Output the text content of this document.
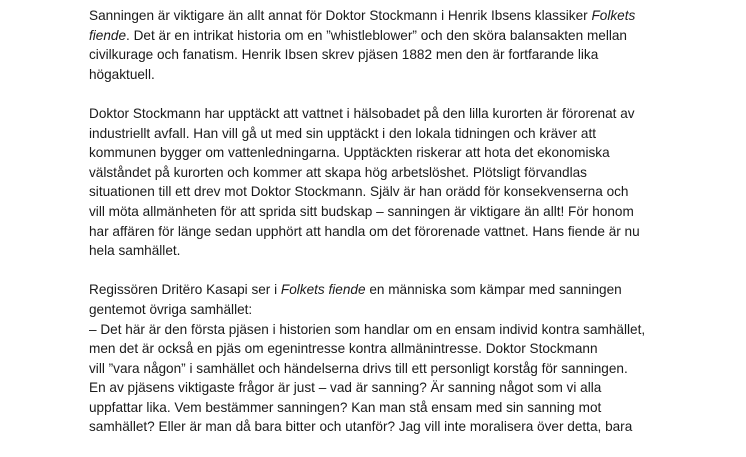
Sanningen är viktigare än allt annat för Doktor Stockmann i Henrik Ibsens klassiker Folkets
fiende. Det är en intrikat historia om en ”whistleblower” och den sköra balansakten mellan
civilkurage och fanatism. Henrik Ibsen skrev pjäsen 1882 men den är fortfarande lika
högaktuell.
Doktor Stockmann har upptäckt att vattnet i hälsobadet på den lilla kurorten är förorenat av
industriellt avfall. Han vill gå ut med sin upptäckt i den lokala tidningen och kräver att
kommunen bygger om vattenledningarna. Upptäckten riskerar att hota det ekonomiska
välståndet på kurorten och kommer att skapa hög arbetslöshet. Plötsligt förvandlas
situationen till ett drev mot Doktor Stockmann. Själv är han orädd för konsekvenserna och
vill möta allmänheten för att sprida sitt budskap – sanningen är viktigare än allt! För honom
har affären för länge sedan upphört att handla om det förorenade vattnet. Hans fiende är nu
hela samhället.
Regissören Dritëro Kasapi ser i Folkets fiende en människa som kämpar med sanningen
gentemot övriga samhället:
– Det här är den första pjäsen i historien som handlar om en ensam individ kontra samhället,
men det är också en pjäs om egenintresse kontra allmänintresse. Doktor Stockmann
vill ”vara någon” i samhället och händelserna drivs till ett personligt korståg för sanningen.
En av pjäsens viktigaste frågor är just – vad är sanning? Är sanning något som vi alla
uppfattar lika. Vem bestämmer sanningen? Kan man stå ensam med sin sanning mot
samhället? Eller är man då bara bitter och utanför? Jag vill inte moralisera över detta, bara
